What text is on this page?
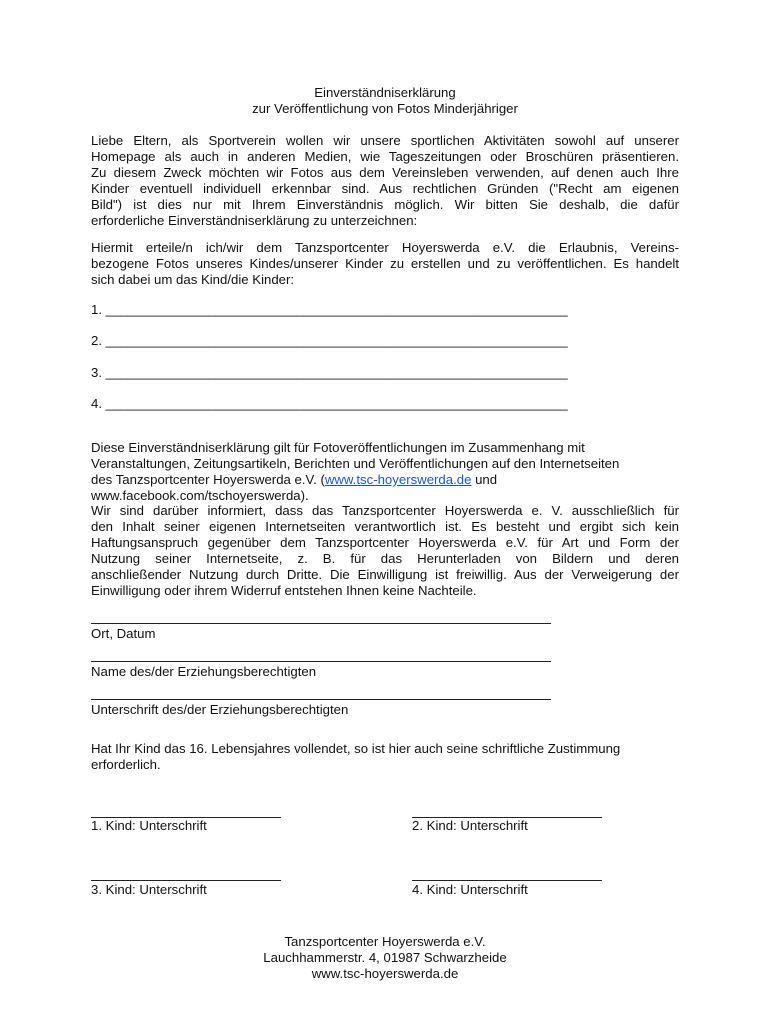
Einverständniserklärung
zur Veröffentlichung von Fotos Minderjähriger
Liebe Eltern, als Sportverein wollen wir unsere sportlichen Aktivitäten sowohl auf unserer
Homepage als auch in anderen Medien, wie Tageszeitungen oder Broschüren präsentieren.
Zu diesem Zweck möchten wir Fotos aus dem Vereinsleben verwenden, auf denen auch Ihre
Kinder eventuell individuell erkennbar sind. Aus rechtlichen Gründen ("Recht am eigenen
Bild") ist dies nur mit Ihrem Einverständnis möglich. Wir bitten Sie deshalb, die dafür
erforderliche Einverständniserklärung zu unterzeichnen:
Hiermit erteile/n ich/wir dem Tanzsportcenter Hoyerswerda e.V. die Erlaubnis, Vereins-
bezogene Fotos unseres Kindes/unserer Kinder zu erstellen und zu veröffentlichen. Es handelt
sich dabei um das Kind/die Kinder:
1. _______________________________________________________________
2. _______________________________________________________________
3. _______________________________________________________________
4. _______________________________________________________________
Diese Einverständniserklärung gilt für Fotoveröffentlichungen im Zusammenhang mit
Veranstaltungen, Zeitungsartikeln, Berichten und Veröffentlichungen auf den Internetseiten
des Tanzsportcenter Hoyerswerda e.V. (www.tsc-hoyerswerda.de und
www.facebook.com/tschoyerswerda).
Wir sind darüber informiert, dass das Tanzsportcenter Hoyerswerda e. V. ausschließlich für
den Inhalt seiner eigenen Internetseiten verantwortlich ist. Es besteht und ergibt sich kein
Haftungsanspruch gegenüber dem Tanzsportcenter Hoyerswerda e.V. für Art und Form der
Nutzung seiner Internetseite, z. B. für das Herunterladen von Bildern und deren
anschließender Nutzung durch Dritte. Die Einwilligung ist freiwillig. Aus der Verweigerung der
Einwilligung oder ihrem Widerruf entstehen Ihnen keine Nachteile.
Ort, Datum
Name des/der Erziehungsberechtigten
Unterschrift des/der Erziehungsberechtigten
Hat Ihr Kind das 16. Lebensjahres vollendet, so ist hier auch seine schriftliche Zustimmung
erforderlich.
1. Kind: Unterschrift	2. Kind: Unterschrift
3. Kind: Unterschrift	4. Kind: Unterschrift
Tanzsportcenter Hoyerswerda e.V.
Lauchhammerstr. 4, 01987 Schwarzheide
www.tsc-hoyerswerda.de
